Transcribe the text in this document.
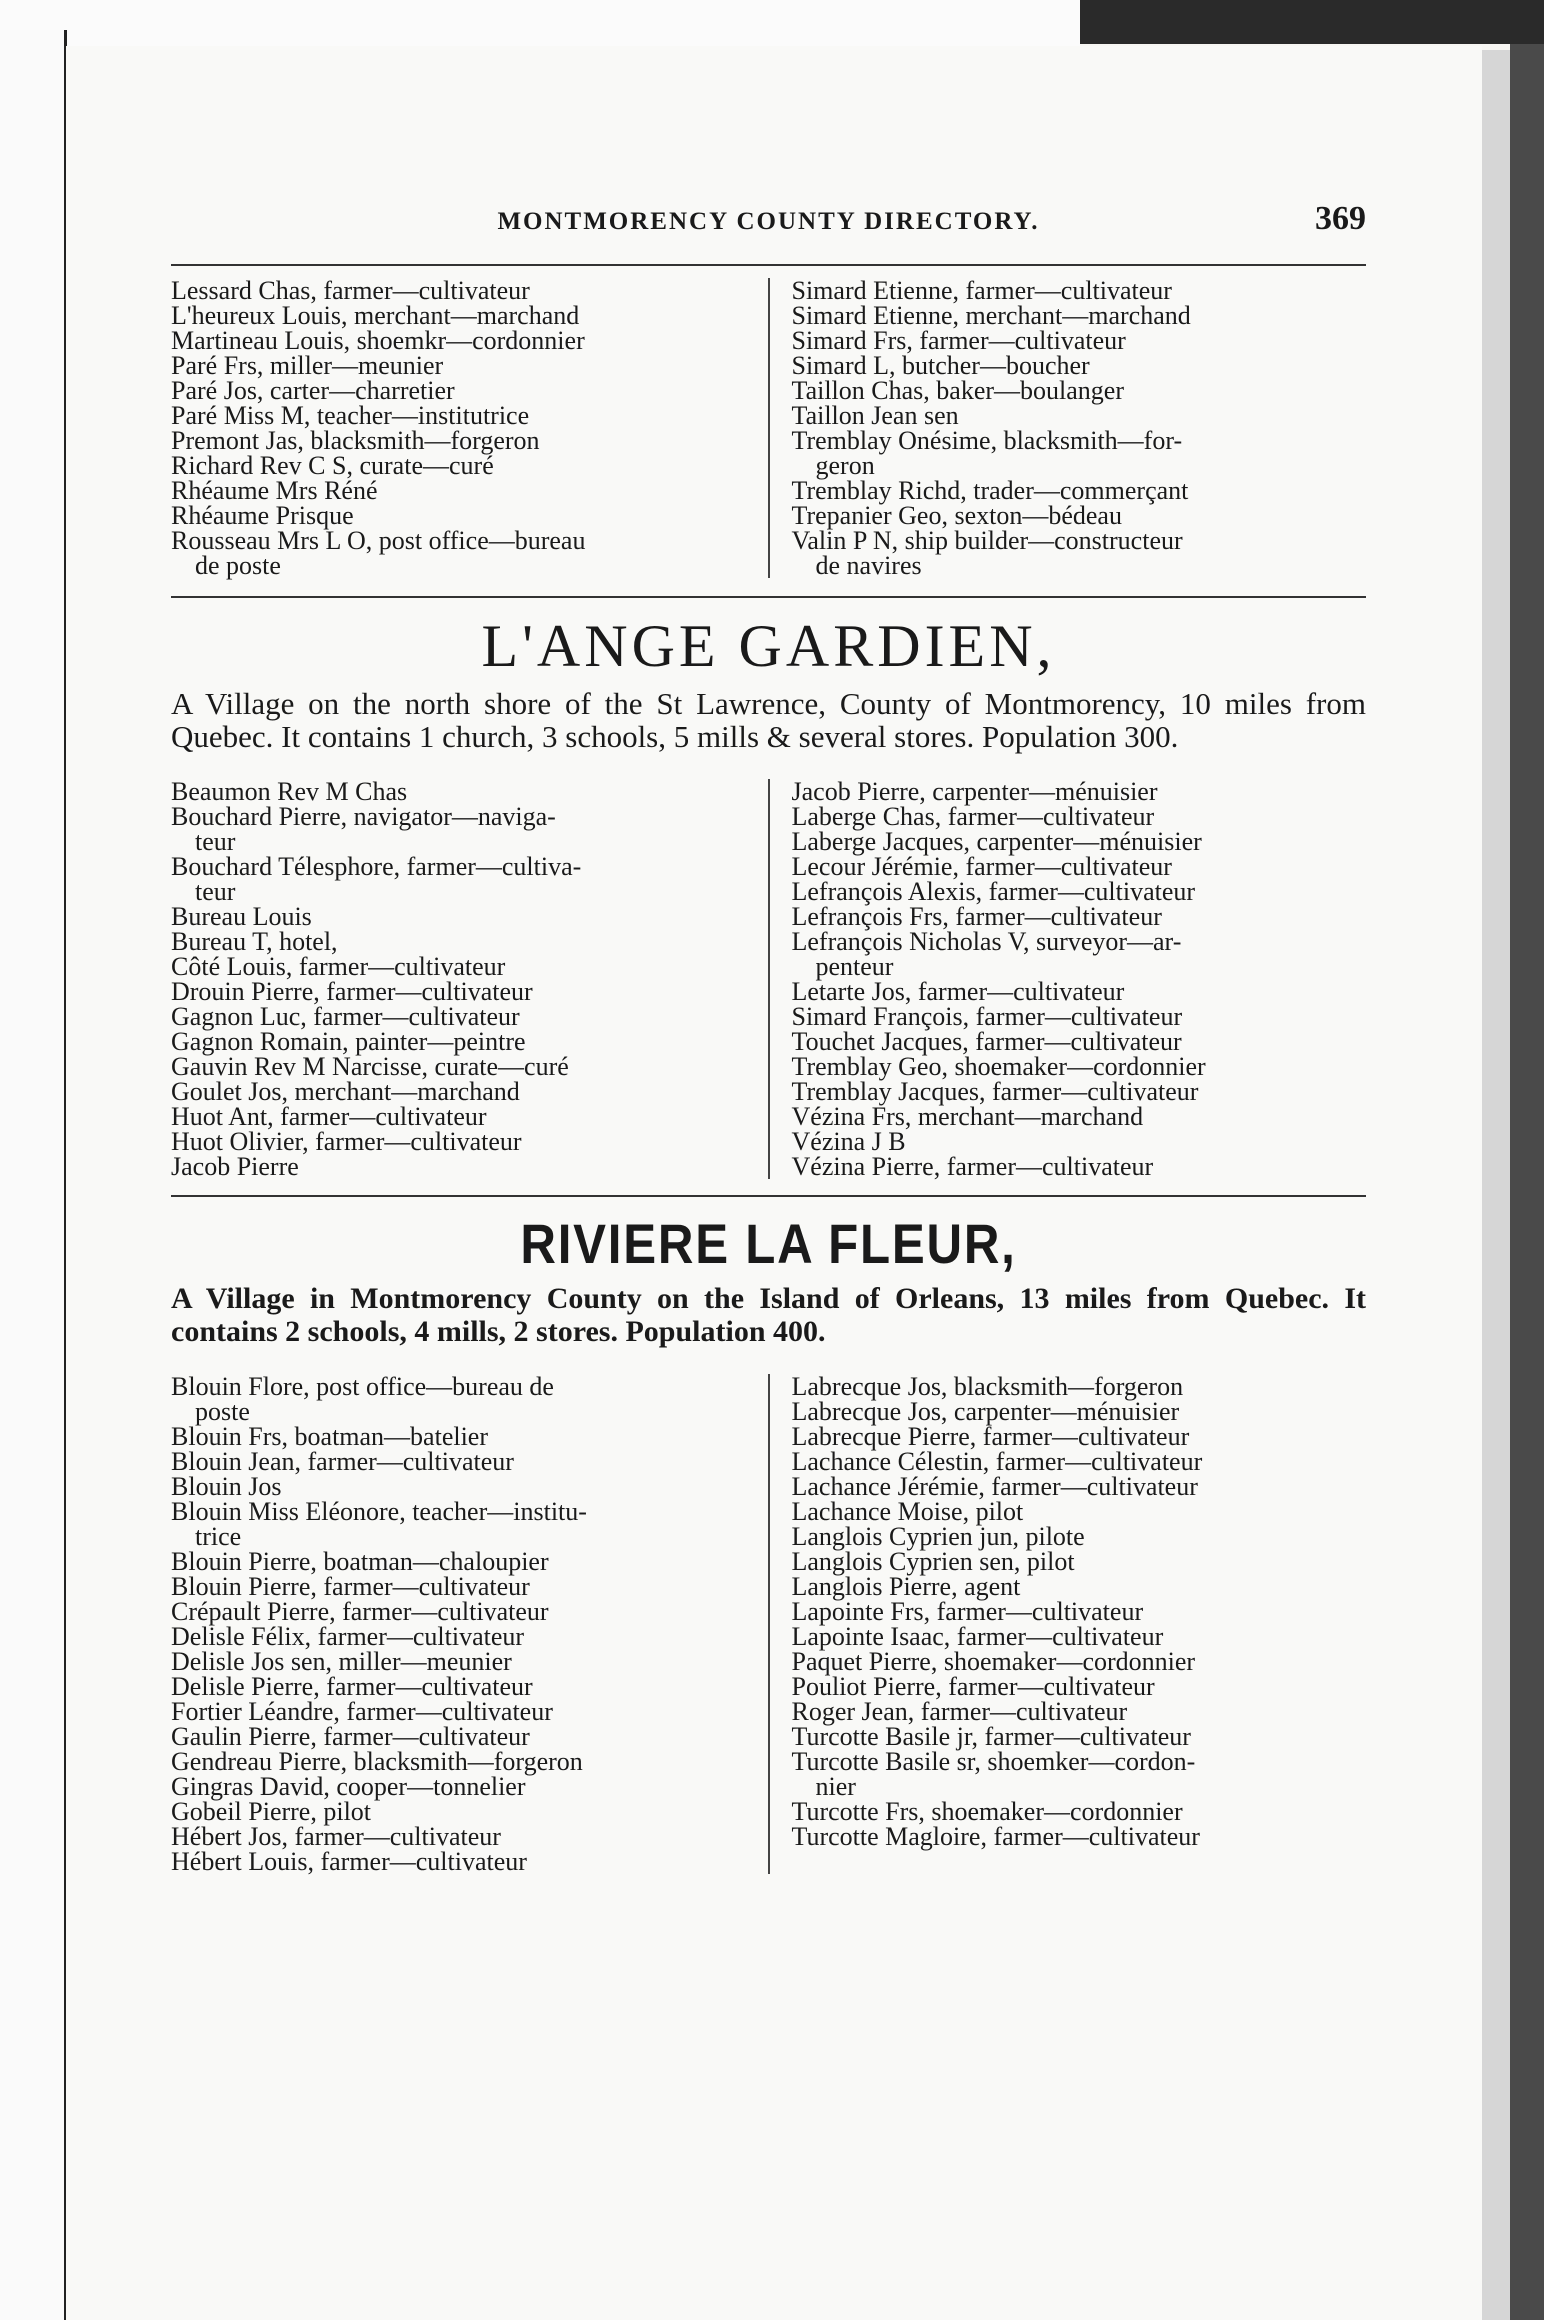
MONTMORENCY COUNTY DIRECTORY.	369
Lessard Chas, farmer—cultivateur
L'heureux Louis, merchant—marchand
Martineau Louis, shoemkr—cordonnier
Paré Frs, miller—meunier
Paré Jos, carter—charretier
Paré Miss M, teacher—institutrice
Premont Jas, blacksmith—forgeron
Richard Rev C S, curate—curé
Rhéaume Mrs Réné
Rhéaume Prisque
Rousseau Mrs L O, post office—bureau
de poste
Simard Etienne, farmer—cultivateur
Simard Etienne, merchant—marchand
Simard Frs, farmer—cultivateur
Simard L, butcher—boucher
Taillon Chas, baker—boulanger
Taillon Jean sen
Tremblay Onésime, blacksmith—for-
geron
Tremblay Richd, trader—commerçant
Trepanier Geo, sexton—bédeau
Valin P N, ship builder—constructeur
de navires
L'ANGE GARDIEN,
A Village on the north shore of the St Lawrence, County of Montmorency, 10 miles from Quebec. It contains 1 church, 3 schools, 5 mills & several stores. Population 300.
Beaumon Rev M Chas
Bouchard Pierre, navigator—naviga-
teur
Bouchard Télesphore, farmer—cultiva-
teur
Bureau Louis
Bureau T, hotel,
Côté Louis, farmer—cultivateur
Drouin Pierre, farmer—cultivateur
Gagnon Luc, farmer—cultivateur
Gagnon Romain, painter—peintre
Gauvin Rev M Narcisse, curate—curé
Goulet Jos, merchant—marchand
Huot Ant, farmer—cultivateur
Huot Olivier, farmer—cultivateur
Jacob Pierre
Jacob Pierre, carpenter—ménuisier
Laberge Chas, farmer—cultivateur
Laberge Jacques, carpenter—ménuisier
Lecour Jérémie, farmer—cultivateur
Lefrançois Alexis, farmer—cultivateur
Lefrançois Frs, farmer—cultivateur
Lefrançois Nicholas V, surveyor—ar-
penteur
Letarte Jos, farmer—cultivateur
Simard François, farmer—cultivateur
Touchet Jacques, farmer—cultivateur
Tremblay Geo, shoemaker—cordonnier
Tremblay Jacques, farmer—cultivateur
Vézina Frs, merchant—marchand
Vézina J B
Vézina Pierre, farmer—cultivateur
RIVIERE LA FLEUR,
A Village in Montmorency County on the Island of Orleans, 13 miles from Quebec. It contains 2 schools, 4 mills, 2 stores. Population 400.
Blouin Flore, post office—bureau de
poste
Blouin Frs, boatman—batelier
Blouin Jean, farmer—cultivateur
Blouin Jos
Blouin Miss Eléonore, teacher—institu-
trice
Blouin Pierre, boatman—chaloupier
Blouin Pierre, farmer—cultivateur
Crépault Pierre, farmer—cultivateur
Delisle Félix, farmer—cultivateur
Delisle Jos sen, miller—meunier
Delisle Pierre, farmer—cultivateur
Fortier Léandre, farmer—cultivateur
Gaulin Pierre, farmer—cultivateur
Gendreau Pierre, blacksmith—forgeron
Gingras David, cooper—tonnelier
Gobeil Pierre, pilot
Hébert Jos, farmer—cultivateur
Hébert Louis, farmer—cultivateur
Labrecque Jos, blacksmith—forgeron
Labrecque Jos, carpenter—ménuisier
Labrecque Pierre, farmer—cultivateur
Lachance Célestin, farmer—cultivateur
Lachance Jérémie, farmer—cultivateur
Lachance Moise, pilot
Langlois Cyprien jun, pilote
Langlois Cyprien sen, pilot
Langlois Pierre, agent
Lapointe Frs, farmer—cultivateur
Lapointe Isaac, farmer—cultivateur
Paquet Pierre, shoemaker—cordonnier
Pouliot Pierre, farmer—cultivateur
Roger Jean, farmer—cultivateur
Turcotte Basile jr, farmer—cultivateur
Turcotte Basile sr, shoemker—cordon-
nier
Turcotte Frs, shoemaker—cordonnier
Turcotte Magloire, farmer—cultivateur
